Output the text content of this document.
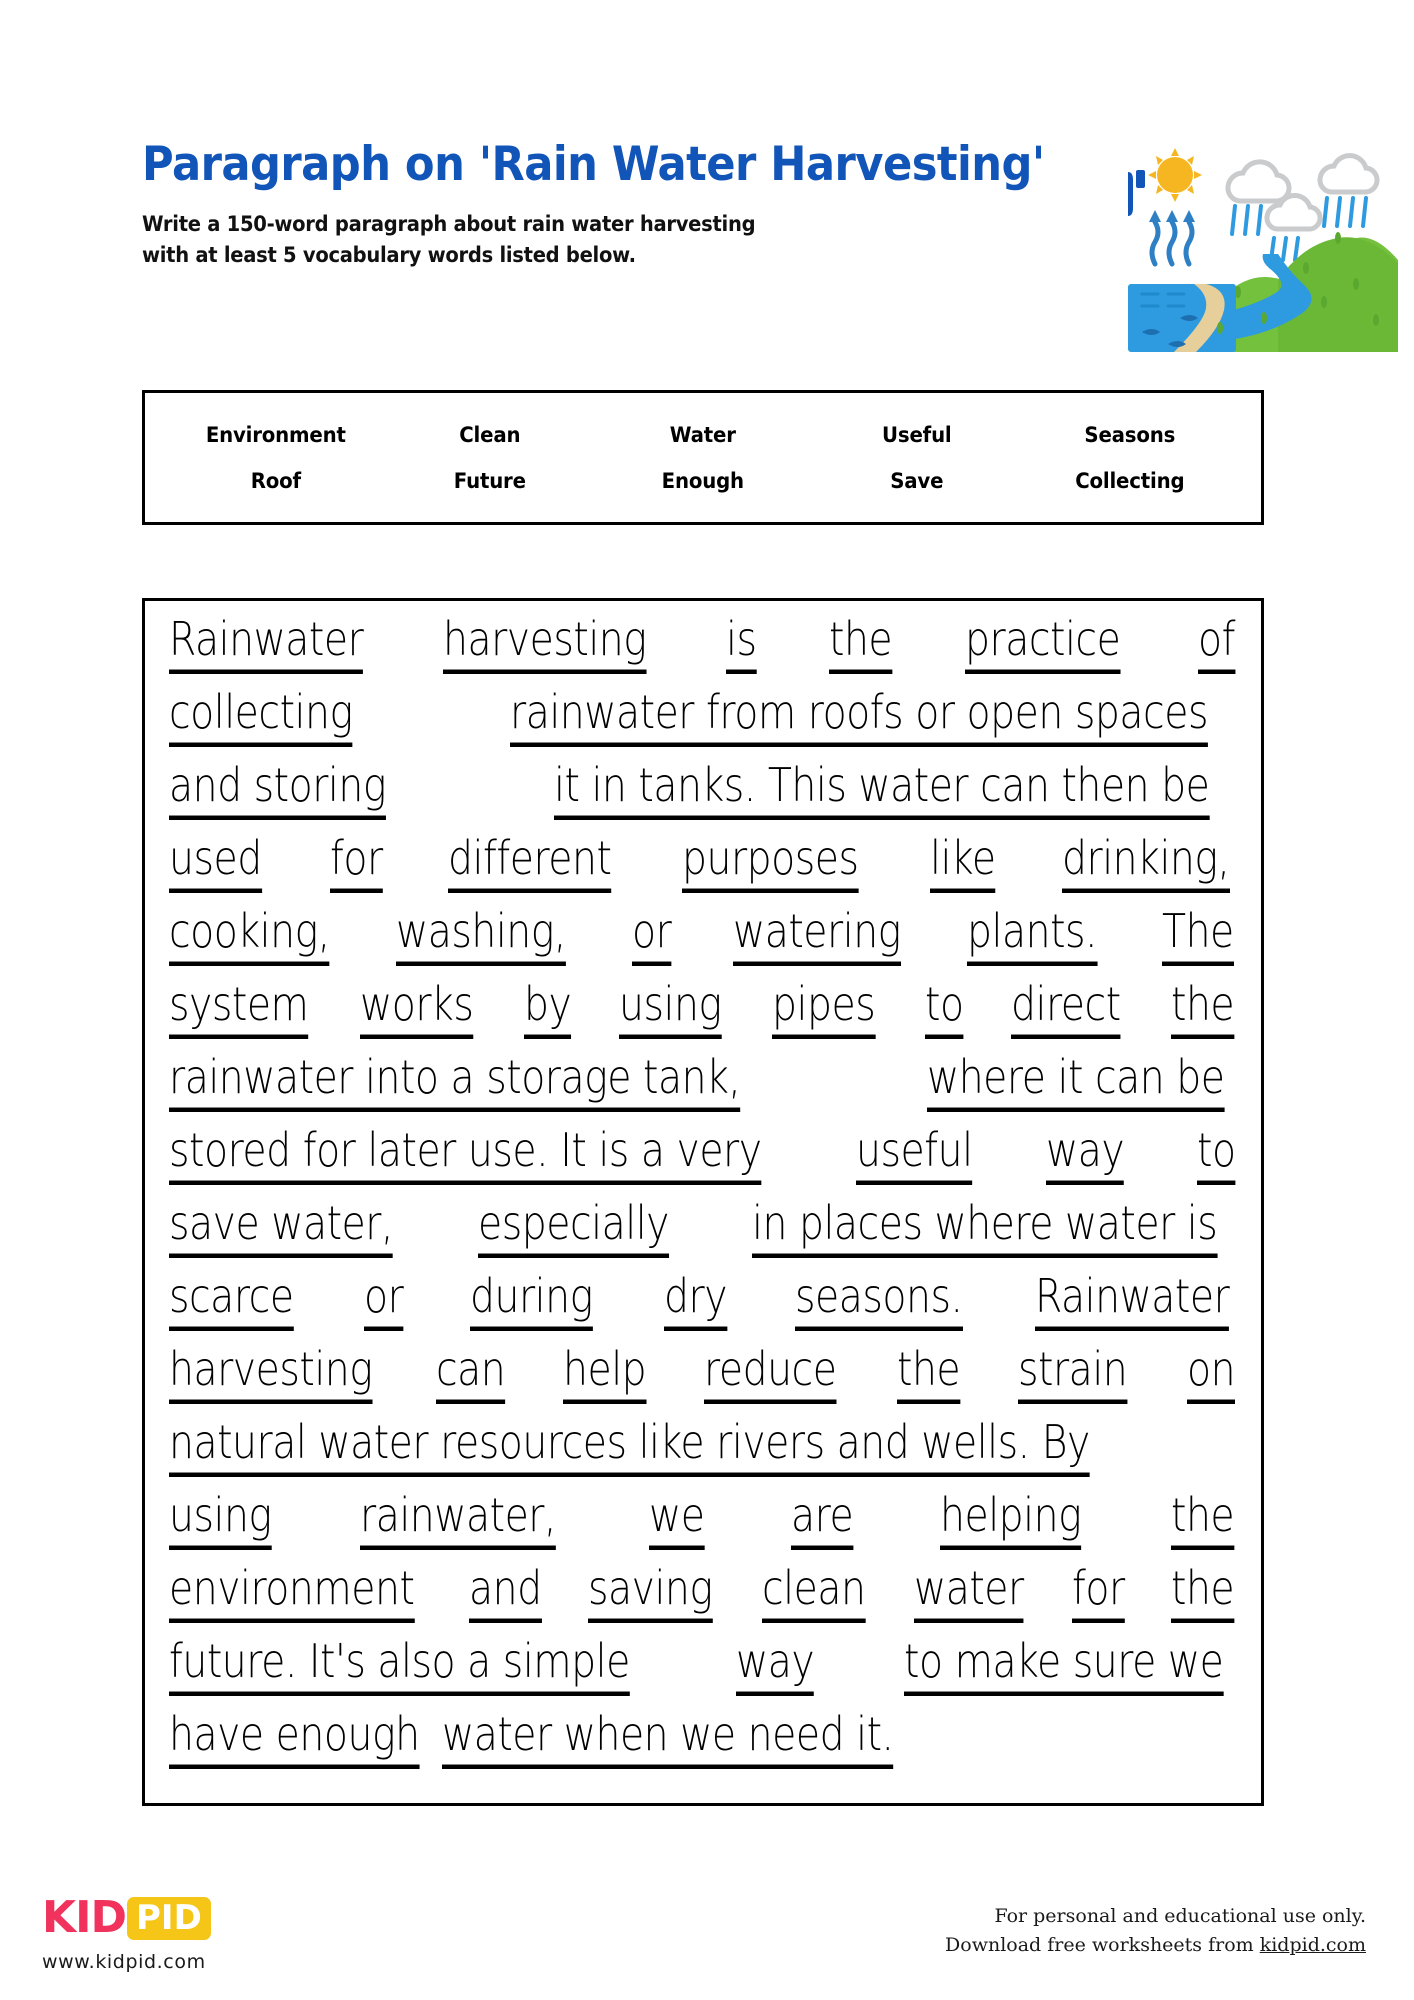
Paragraph on 'Rain Water Harvesting'
Write a 150-word paragraph about rain water harvesting
with at least 5 vocabulary words listed below.
Environment	Clean	Water	Useful	Seasons
Roof	Future	Enough	Save	Collecting
Rainwater harvesting is the practice of
collecting	rainwater from roofs or open spaces
and storing	it in tanks. This water can then be
used for different purposes like drinking,
cooking, washing, or watering plants. The
system works by using pipes to direct the
rainwater into a storage tank,	where it can be
stored for later use. It is a very useful way to
save water, especially in places where water is
scarce or during dry seasons. Rainwater
harvesting can help reduce the strain on
natural water resources like rivers and wells. By
using rainwater, we are helping the
environment and saving clean water for the
future. It's also a simple	way to make sure we
have enough water when we need it.
KID PID
www.kidpid.com
For personal and educational use only.
Download free worksheets from kidpid.com
